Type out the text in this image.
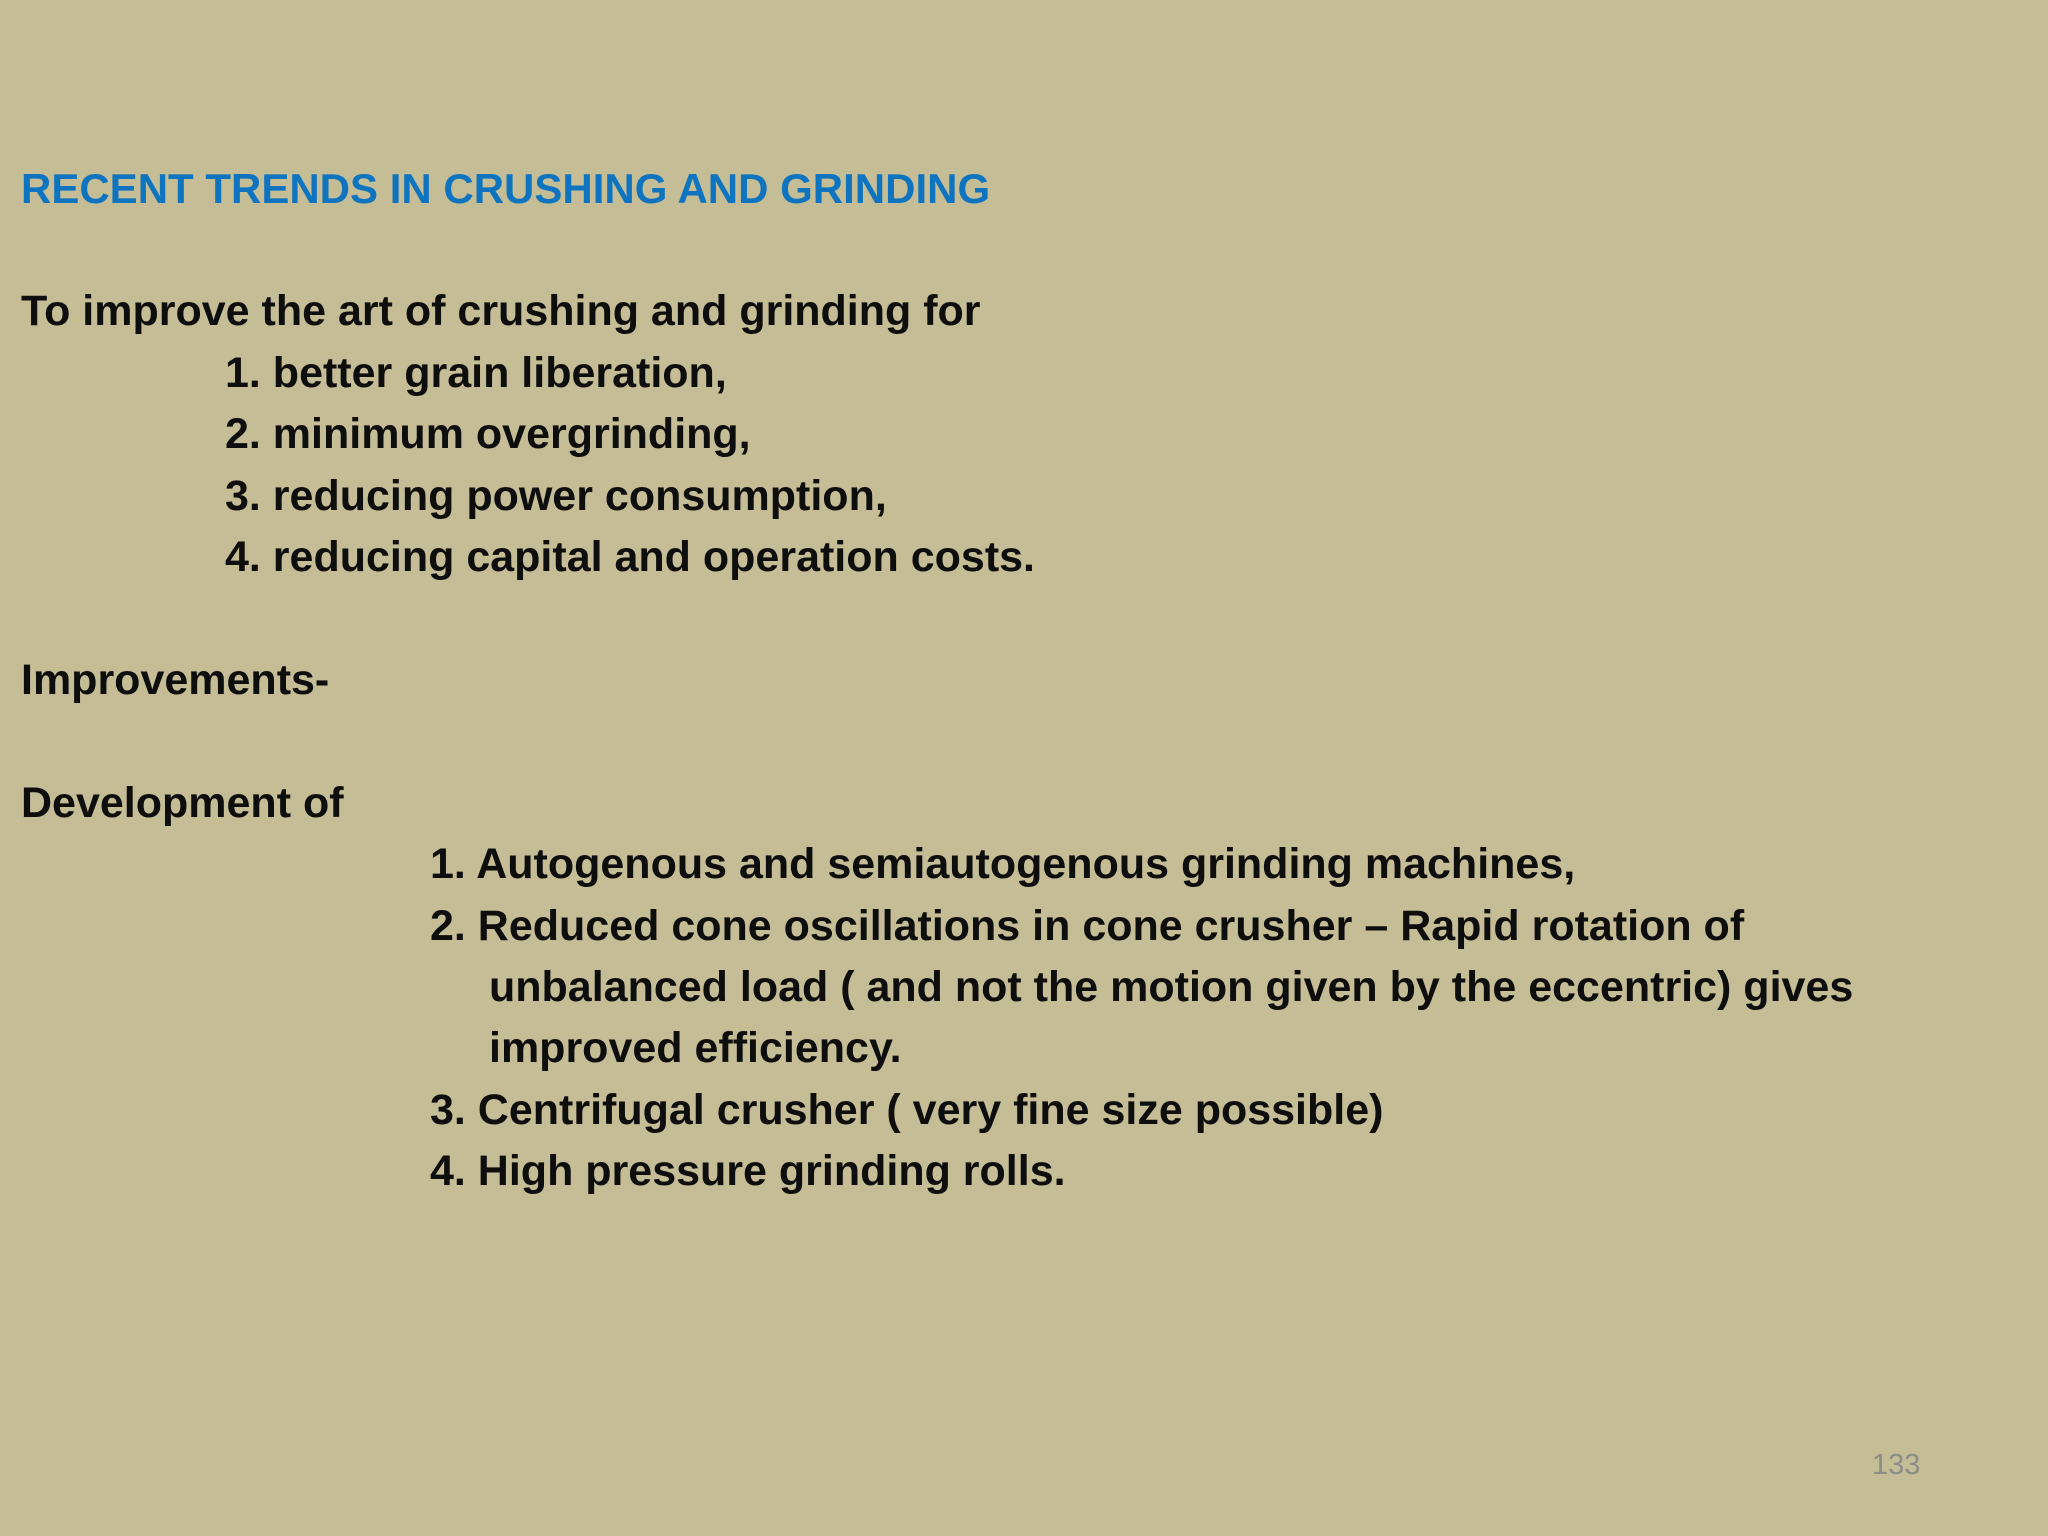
RECENT TRENDS IN CRUSHING AND GRINDING
To improve the art of crushing and grinding for
1. better grain liberation,
2. minimum overgrinding,
3. reducing power consumption,
4. reducing capital and operation costs.
Improvements-
Development of
1. Autogenous and semiautogenous grinding machines,
2. Reduced cone oscillations in cone crusher – Rapid rotation of
unbalanced load ( and not the motion given by the eccentric) gives
improved efficiency.
3. Centrifugal crusher ( very fine size possible)
4. High pressure grinding rolls.
133
